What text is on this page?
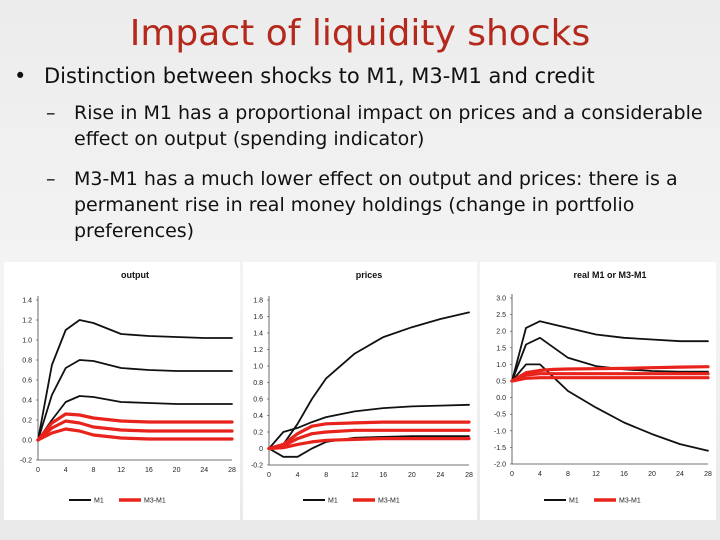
Impact of liquidity shocks
• Distinction between shocks to M1, M3-M1 and credit
– Rise in M1 has a proportional impact on prices and a considerable effect on output (spending indicator)
– M3-M1 has a much lower effect on output and prices: there is a permanent rise in real money holdings (change in portfolio preferences)
output
-0.2
0.0
0.2
0.4
0.6
0.8
1.0
1.2
1.4
0	4	8	12	16	20	24	28
M1	M3-M1
prices
-0.2
0
0.2
0.4
0.6
0.8
1.0
1.2
1.4
1.6
1.8
0	4	8	12	16	20	24	28
M1	M3-M1
real M1 or M3-M1
-2.0
-1.5
-1.0
-0.5
0.0
0.5
1.0
1.5
2.0
2.5
3.0
0	4	8	12	16	20	24	28
M1	M3-M1
